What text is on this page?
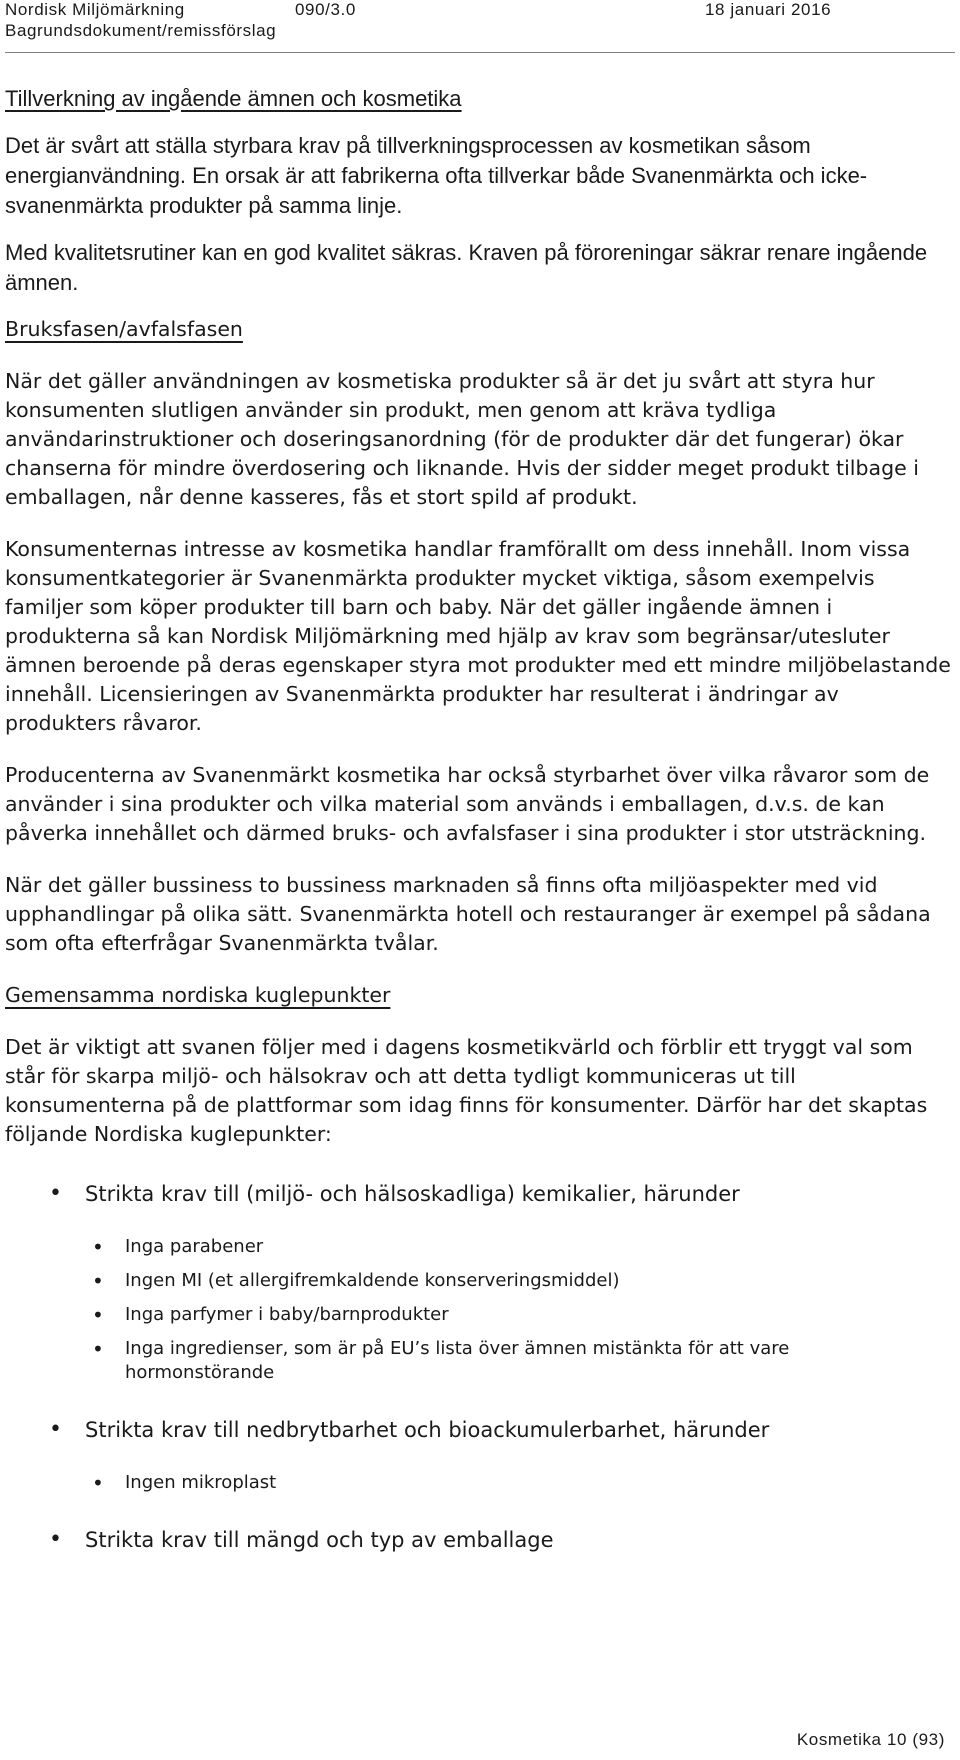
Nordisk Miljömärkning	090/3.0	18 januari 2016
Bagrundsdokument/remissförslag
Tillverkning av ingående ämnen och kosmetika

Det är svårt att ställa styrbara krav på tillverkningsprocessen av kosmetikan såsom energianvändning. En orsak är att fabrikerna ofta tillverkar både Svanenmärkta och icke-svanenmärkta produkter på samma linje.

Med kvalitetsrutiner kan en god kvalitet säkras. Kraven på föroreningar säkrar renare ingående ämnen.

Bruksfasen/avfalsfasen

När det gäller användningen av kosmetiska produkter så är det ju svårt att styra hur konsumenten slutligen använder sin produkt, men genom att kräva tydliga användarinstruktioner och doseringsanordning (för de produkter där det fungerar) ökar chanserna för mindre överdosering och liknande. Hvis der sidder meget produkt tilbage i emballagen, når denne kasseres, fås et stort spild af produkt.

Konsumenternas intresse av kosmetika handlar framförallt om dess innehåll. Inom vissa konsumentkategorier är Svanenmärkta produkter mycket viktiga, såsom exempelvis familjer som köper produkter till barn och baby. När det gäller ingående ämnen i produkterna så kan Nordisk Miljömärkning med hjälp av krav som begränsar/utesluter ämnen beroende på deras egenskaper styra mot produkter med ett mindre miljöbelastande innehåll. Licensieringen av Svanenmärkta produkter har resulterat i ändringar av produkters råvaror.

Producenterna av Svanenmärkt kosmetika har också styrbarhet över vilka råvaror som de använder i sina produkter och vilka material som används i emballagen, d.v.s. de kan påverka innehållet och därmed bruks- och avfalsfaser i sina produkter i stor utsträckning.

När det gäller bussiness to bussiness marknaden så finns ofta miljöaspekter med vid upphandlingar på olika sätt. Svanenmärkta hotell och restauranger är exempel på sådana som ofta efterfrågar Svanenmärkta tvålar.

Gemensamma nordiska kuglepunkter

Det är viktigt att svanen följer med i dagens kosmetikvärld och förblir ett tryggt val som står för skarpa miljö- och hälsokrav och att detta tydligt kommuniceras ut till konsumenterna på de plattformar som idag finns för konsumenter. Därför har det skaptas följande Nordiska kuglepunkter:

• Strikta krav till (miljö- och hälsoskadliga) kemikalier, härunder
• Inga parabener
• Ingen MI (et allergifremkaldende konserveringsmiddel)
• Inga parfymer i baby/barnprodukter
• Inga ingredienser, som är på EU’s lista över ämnen mistänkta för att vare hormonstörande
• Strikta krav till nedbrytbarhet och bioackumulerbarhet, härunder
• Ingen mikroplast
• Strikta krav till mängd och typ av emballage
Kosmetika 10 (93)
